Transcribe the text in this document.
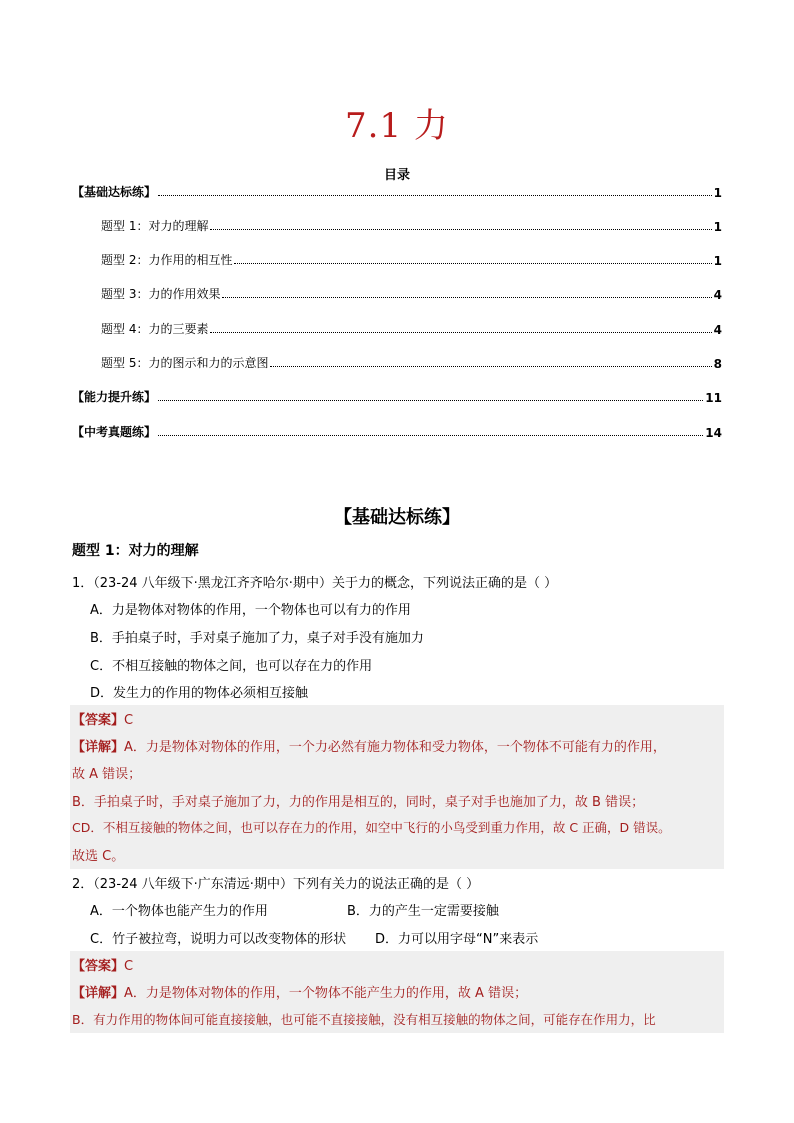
7.1 力
目录
【基础达标练】	1
题型 1：对力的理解	1
题型 2：力作用的相互性	1
题型 3：力的作用效果	4
题型 4：力的三要素	4
题型 5：力的图示和力的示意图	8
【能力提升练】	11
【中考真题练】	14
【基础达标练】
题型 1：对力的理解
1．（23-24 八年级下·黑龙江齐齐哈尔·期中）关于力的概念，下列说法正确的是（ ）
A．力是物体对物体的作用，一个物体也可以有力的作用
B．手拍桌子时，手对桌子施加了力，桌子对手没有施加力
C．不相互接触的物体之间，也可以存在力的作用
D．发生力的作用的物体必须相互接触
【答案】C
【详解】A．力是物体对物体的作用，一个力必然有施力物体和受力物体，一个物体不可能有力的作用，
故 A 错误；
B．手拍桌子时，手对桌子施加了力，力的作用是相互的，同时，桌子对手也施加了力，故 B 错误；
CD．不相互接触的物体之间，也可以存在力的作用，如空中飞行的小鸟受到重力作用，故 C 正确，D 错误。
故选 C。
2．（23-24 八年级下·广东清远·期中）下列有关力的说法正确的是（ ）
A．一个物体也能产生力的作用	B．力的产生一定需要接触
C．竹子被拉弯，说明力可以改变物体的形状 D．力可以用字母“N”来表示
【答案】C
【详解】A．力是物体对物体的作用，一个物体不能产生力的作用，故 A 错误；
B．有力作用的物体间可能直接接触，也可能不直接接触，没有相互接触的物体之间，可能存在作用力，比
